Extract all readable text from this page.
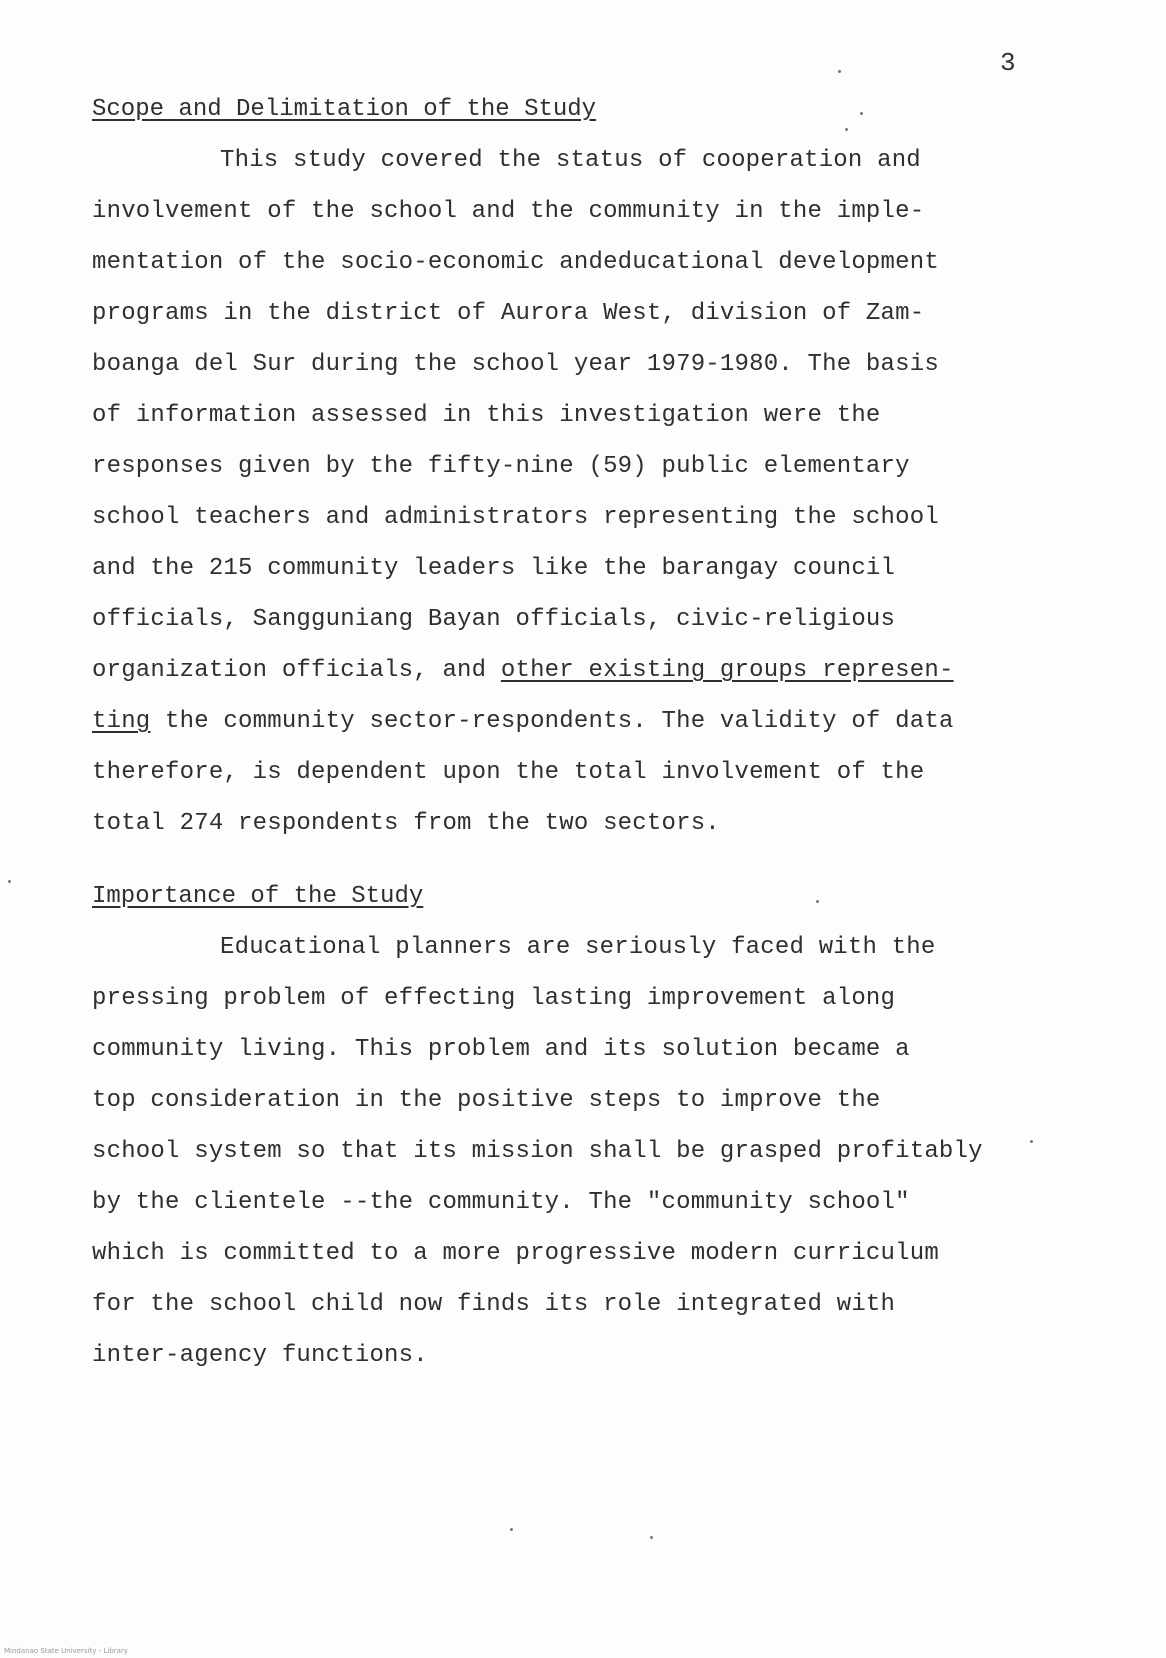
3
Scope and Delimitation of the Study
This study covered the status of cooperation and
involvement of the school and the community in the imple-
mentation of the socio-economic andeducational development
programs in the district of Aurora West, division of Zam-
boanga del Sur during the school year 1979-1980. The basis
of information assessed in this investigation were the
responses given by the fifty-nine (59) public elementary
school teachers and administrators representing the school
and the 215 community leaders like the barangay council
officials, Sangguniang Bayan officials, civic-religious
organization officials, and other existing groups represen-
ting the community sector-respondents. The validity of data
therefore, is dependent upon the total involvement of the
total 274 respondents from the two sectors.
Importance of the Study
Educational planners are seriously faced with the
pressing problem of effecting lasting improvement along
community living. This problem and its solution became a
top consideration in the positive steps to improve the
school system so that its mission shall be grasped profitably
by the clientele --the community. The "community school"
which is committed to a more progressive modern curriculum
for the school child now finds its role integrated with
inter-agency functions.
Mindanao State University - Library
